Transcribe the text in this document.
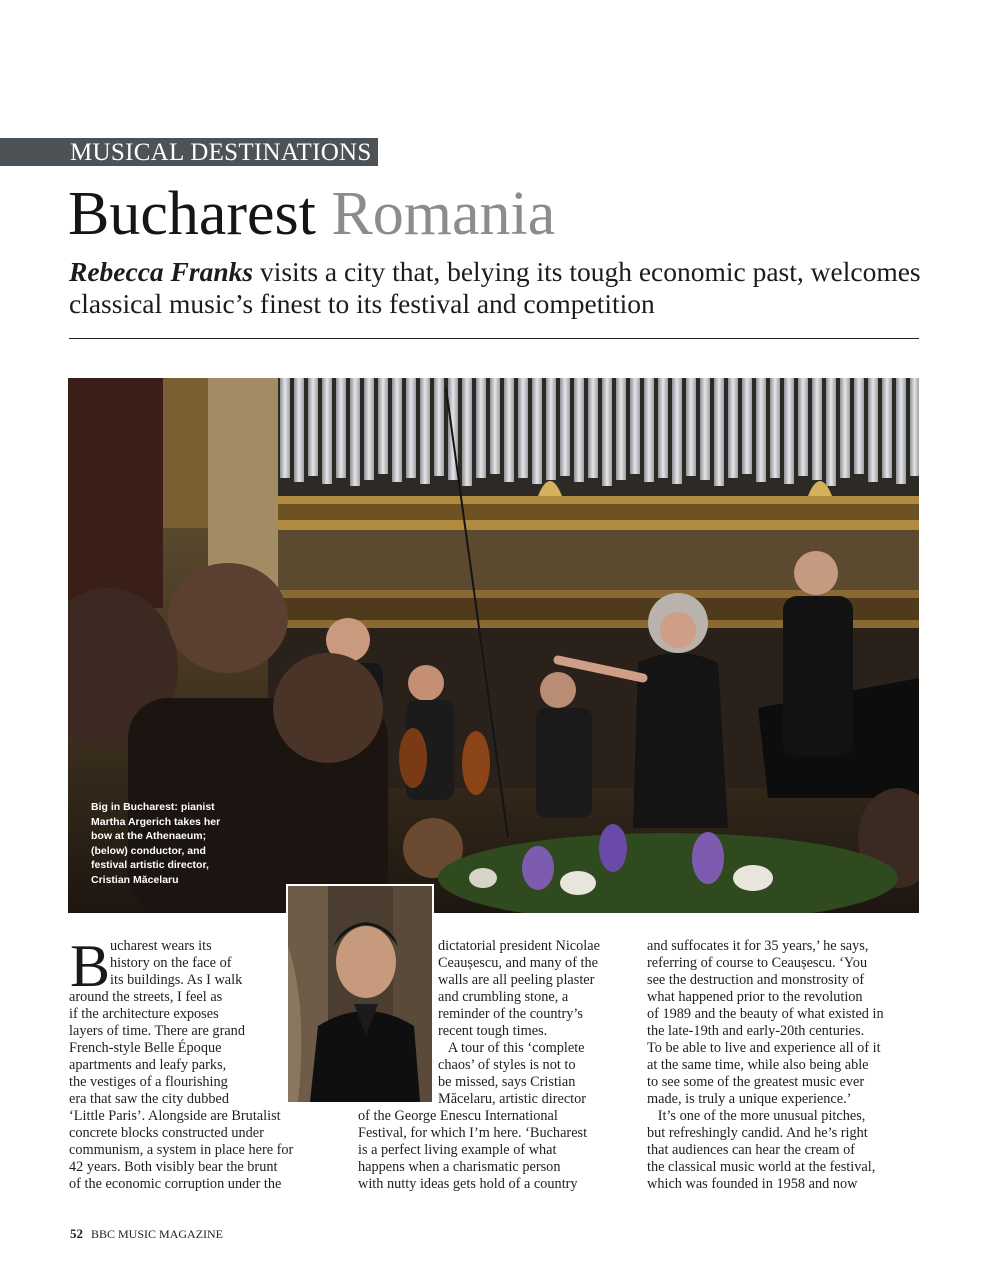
MUSICAL DESTINATIONS
Bucharest Romania
Rebecca Franks visits a city that, belying its tough economic past, welcomes classical music’s finest to its festival and competition
Big in Bucharest: pianist Martha Argerich takes her bow at the Athenaeum; (below) conductor, and festival artistic director, Cristian Măcelaru
B ucharest wears its
history on the face of
its buildings. As I walk
around the streets, I feel as
if the architecture exposes
layers of time. There are grand
French-style Belle Époque
apartments and leafy parks,
the vestiges of a flourishing
era that saw the city dubbed
‘Little Paris’. Alongside are Brutalist
concrete blocks constructed under
communism, a system in place here for
42 years. Both visibly bear the brunt
of the economic corruption under the
dictatorial president Nicolae
Ceaușescu, and many of the
walls are all peeling plaster
and crumbling stone, a
reminder of the country’s
recent tough times.
A tour of this ‘complete
chaos’ of styles is not to
be missed, says Cristian
Măcelaru, artistic director
of the George Enescu International
Festival, for which I’m here. ‘Bucharest
is a perfect living example of what
happens when a charismatic person
with nutty ideas gets hold of a country
and suffocates it for 35 years,’ he says,
referring of course to Ceaușescu. ‘You
see the destruction and monstrosity of
what happened prior to the revolution
of 1989 and the beauty of what existed in
the late-19th and early-20th centuries.
To be able to live and experience all of it
at the same time, while also being able
to see some of the greatest music ever
made, is truly a unique experience.’
It’s one of the more unusual pitches,
but refreshingly candid. And he’s right
that audiences can hear the cream of
the classical music world at the festival,
which was founded in 1958 and now
52 BBC MUSIC MAGAZINE
